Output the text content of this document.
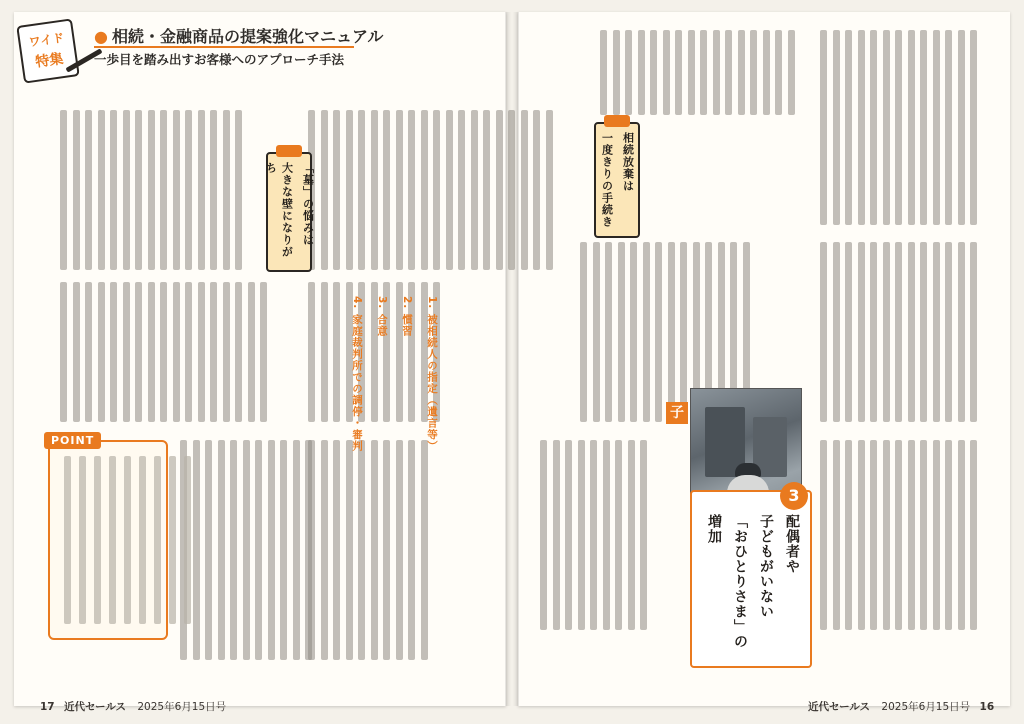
ワイド
特集
● 相続・金融商品の提案強化マニュアル
一歩目を踏み出すお客様へのアプローチ手法
「墓」の悩みは
大きな壁になりがち
1. 被相続人の指定（遺言等）
2. 慣習
3. 合意
4. 家庭裁判所での調停・審判
POINT
相続放棄は
一度きりの手続き
子
3
配偶者や
子どもがいない
「おひとりさま」の
増加
17 近代セールス 2025年6月15日号	近代セールス 2025年6月15日号 16
